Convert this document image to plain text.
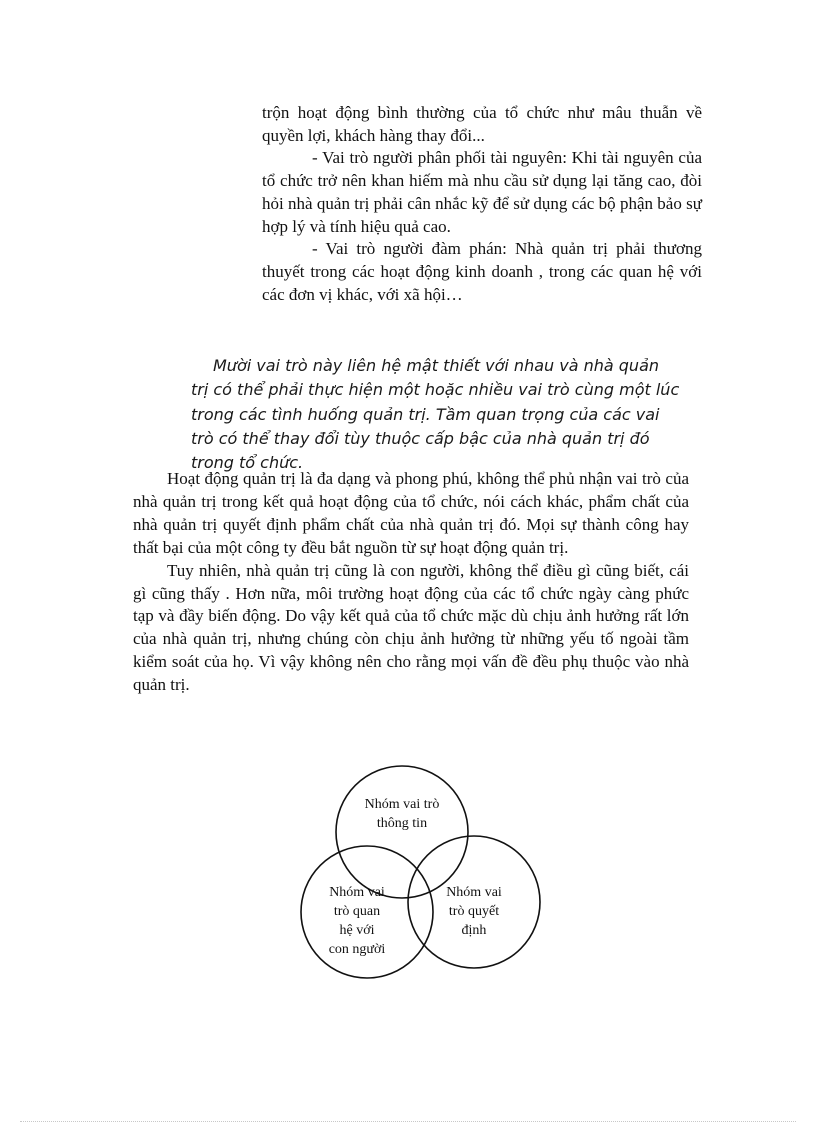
trộn hoạt động bình thường của tổ chức như mâu thuẫn về quyền lợi, khách hàng thay đổi...

- Vai trò người phân phối tài nguyên: Khi tài nguyên của tổ chức trở nên khan hiếm mà nhu cầu sử dụng lại tăng cao, đòi hỏi nhà quản trị phải cân nhắc kỹ để sử dụng các bộ phận bảo sự hợp lý và tính hiệu quả cao.

- Vai trò người đàm phán: Nhà quản trị phải thương thuyết trong các hoạt động kinh doanh , trong các quan hệ với các đơn vị khác, với xã hội…

Mười vai trò này liên hệ mật thiết với nhau và nhà quản trị có thể phải thực hiện một hoặc nhiều vai trò cùng một lúc trong các tình huống quản trị. Tầm quan trọng của các vai trò có thể thay đổi tùy thuộc cấp bậc của nhà quản trị đó trong tổ chức.

Hoạt động quản trị là đa dạng và phong phú, không thể phủ nhận vai trò của nhà quản trị trong kết quả hoạt động của tổ chức, nói cách khác, phẩm chất của nhà quản trị quyết định phẩm chất của nhà quản trị đó. Mọi sự thành công hay thất bại của một công ty đều bắt nguồn từ sự hoạt động quản trị.

Tuy nhiên, nhà quản trị cũng là con người, không thể điều gì cũng biết, cái gì cũng thấy . Hơn nữa, môi trường hoạt động của các tổ chức ngày càng phức tạp và đầy biến động. Do vậy kết quả của tổ chức mặc dù chịu ảnh hưởng rất lớn của nhà quản trị, nhưng chúng còn chịu ảnh hưởng từ những yếu tố ngoài tầm kiểm soát của họ. Vì vậy không nên cho rằng mọi vấn đề đều phụ thuộc vào nhà quản trị.

Nhóm vai trò
thông tin
Nhóm vai
trò quan
hệ với
con người
Nhóm vai
trò quyết
định
